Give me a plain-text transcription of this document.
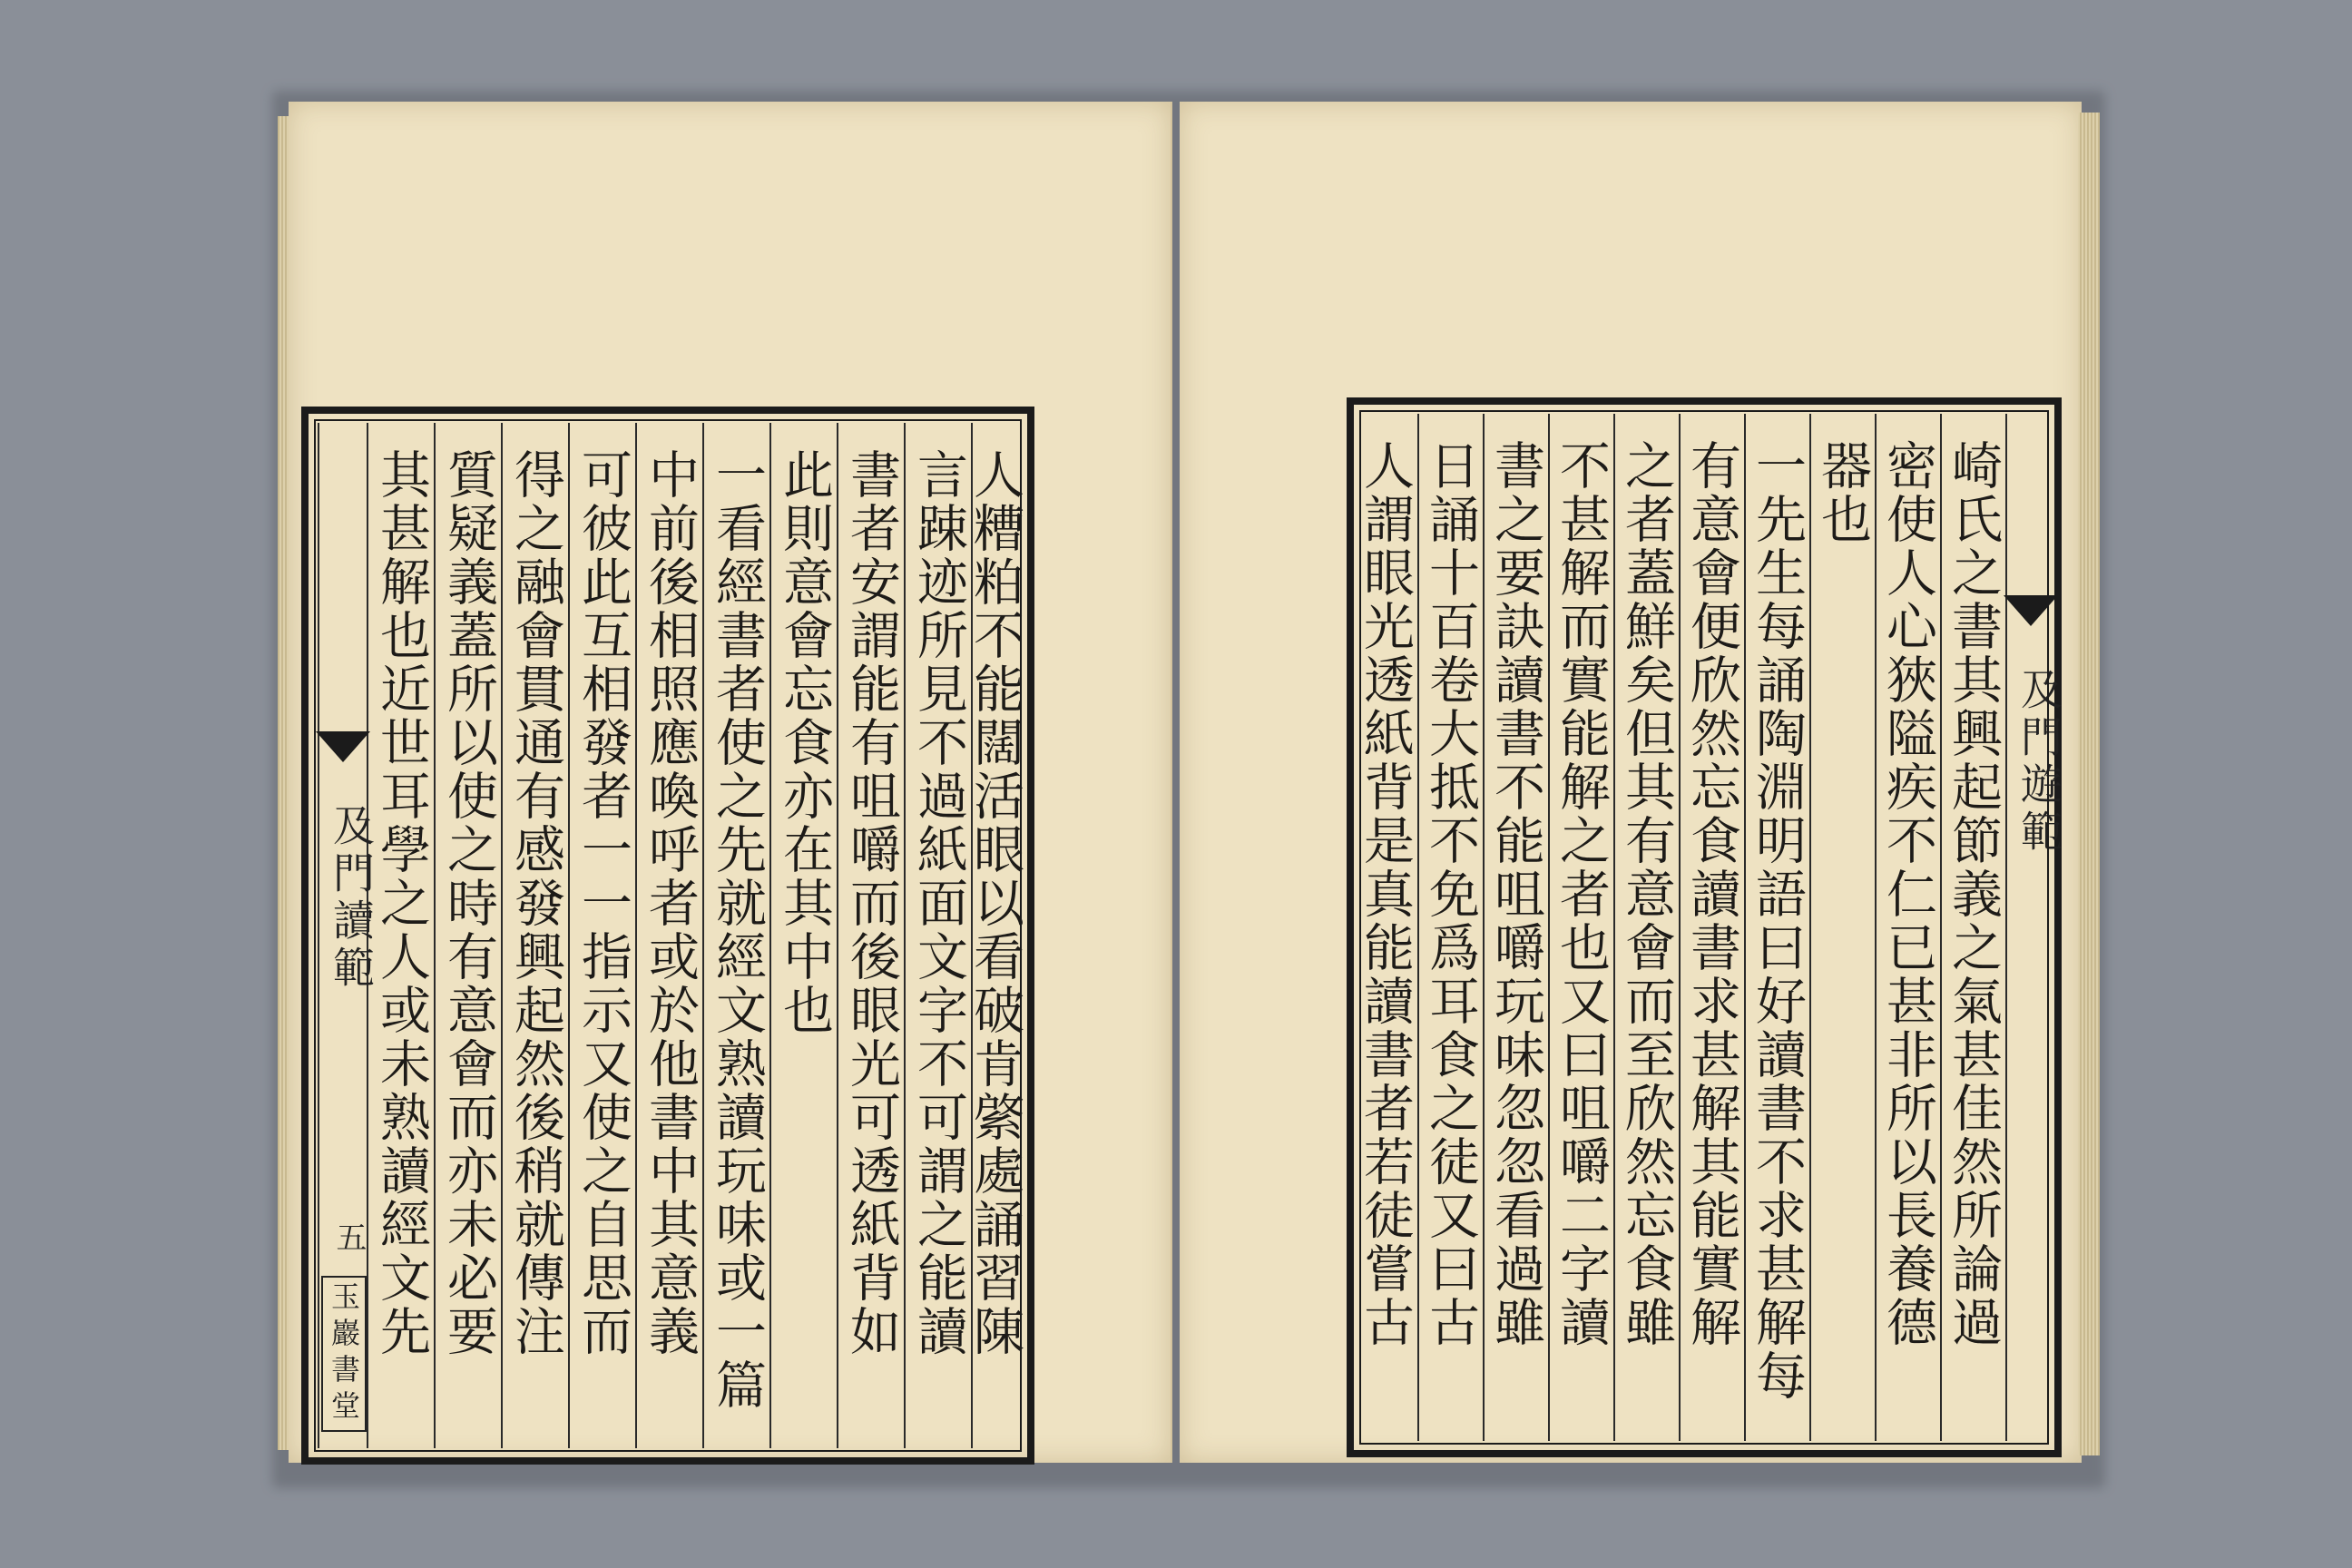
人糟粕不能闊活眼以看破肯綮處誦習陳
言踈迹所見不過紙面文字不可謂之能讀
書者安謂能有咀嚼而後眼光可透紙背如
此則意會忘食亦在其中也
一看經書者使之先就經文熟讀玩味或一篇
中前後相照應喚呼者或於他書中其意義
可彼此互相發者一一指示又使之自思而
得之融會貫通有感發興起然後稍就傳注
質疑義蓋所以使之時有意會而亦未必要
其甚解也近世耳學之人或未熟讀經文先
及門讀範
五
玉巖書堂
及門遊範
崎氏之書其興起節義之氣甚佳然所論過
密使人心狹隘疾不仁已甚非所以長養德
器也
一先生每誦陶淵明語曰好讀書不求甚解每
有意會便欣然忘食讀書求甚解其能實解
之者蓋鮮矣但其有意會而至欣然忘食雖
不甚解而實能解之者也又曰咀嚼二字讀
書之要訣讀書不能咀嚼玩味忽忽看過雖
日誦十百卷大抵不免爲耳食之徒又曰古
人謂眼光透紙背是真能讀書者若徒嘗古
